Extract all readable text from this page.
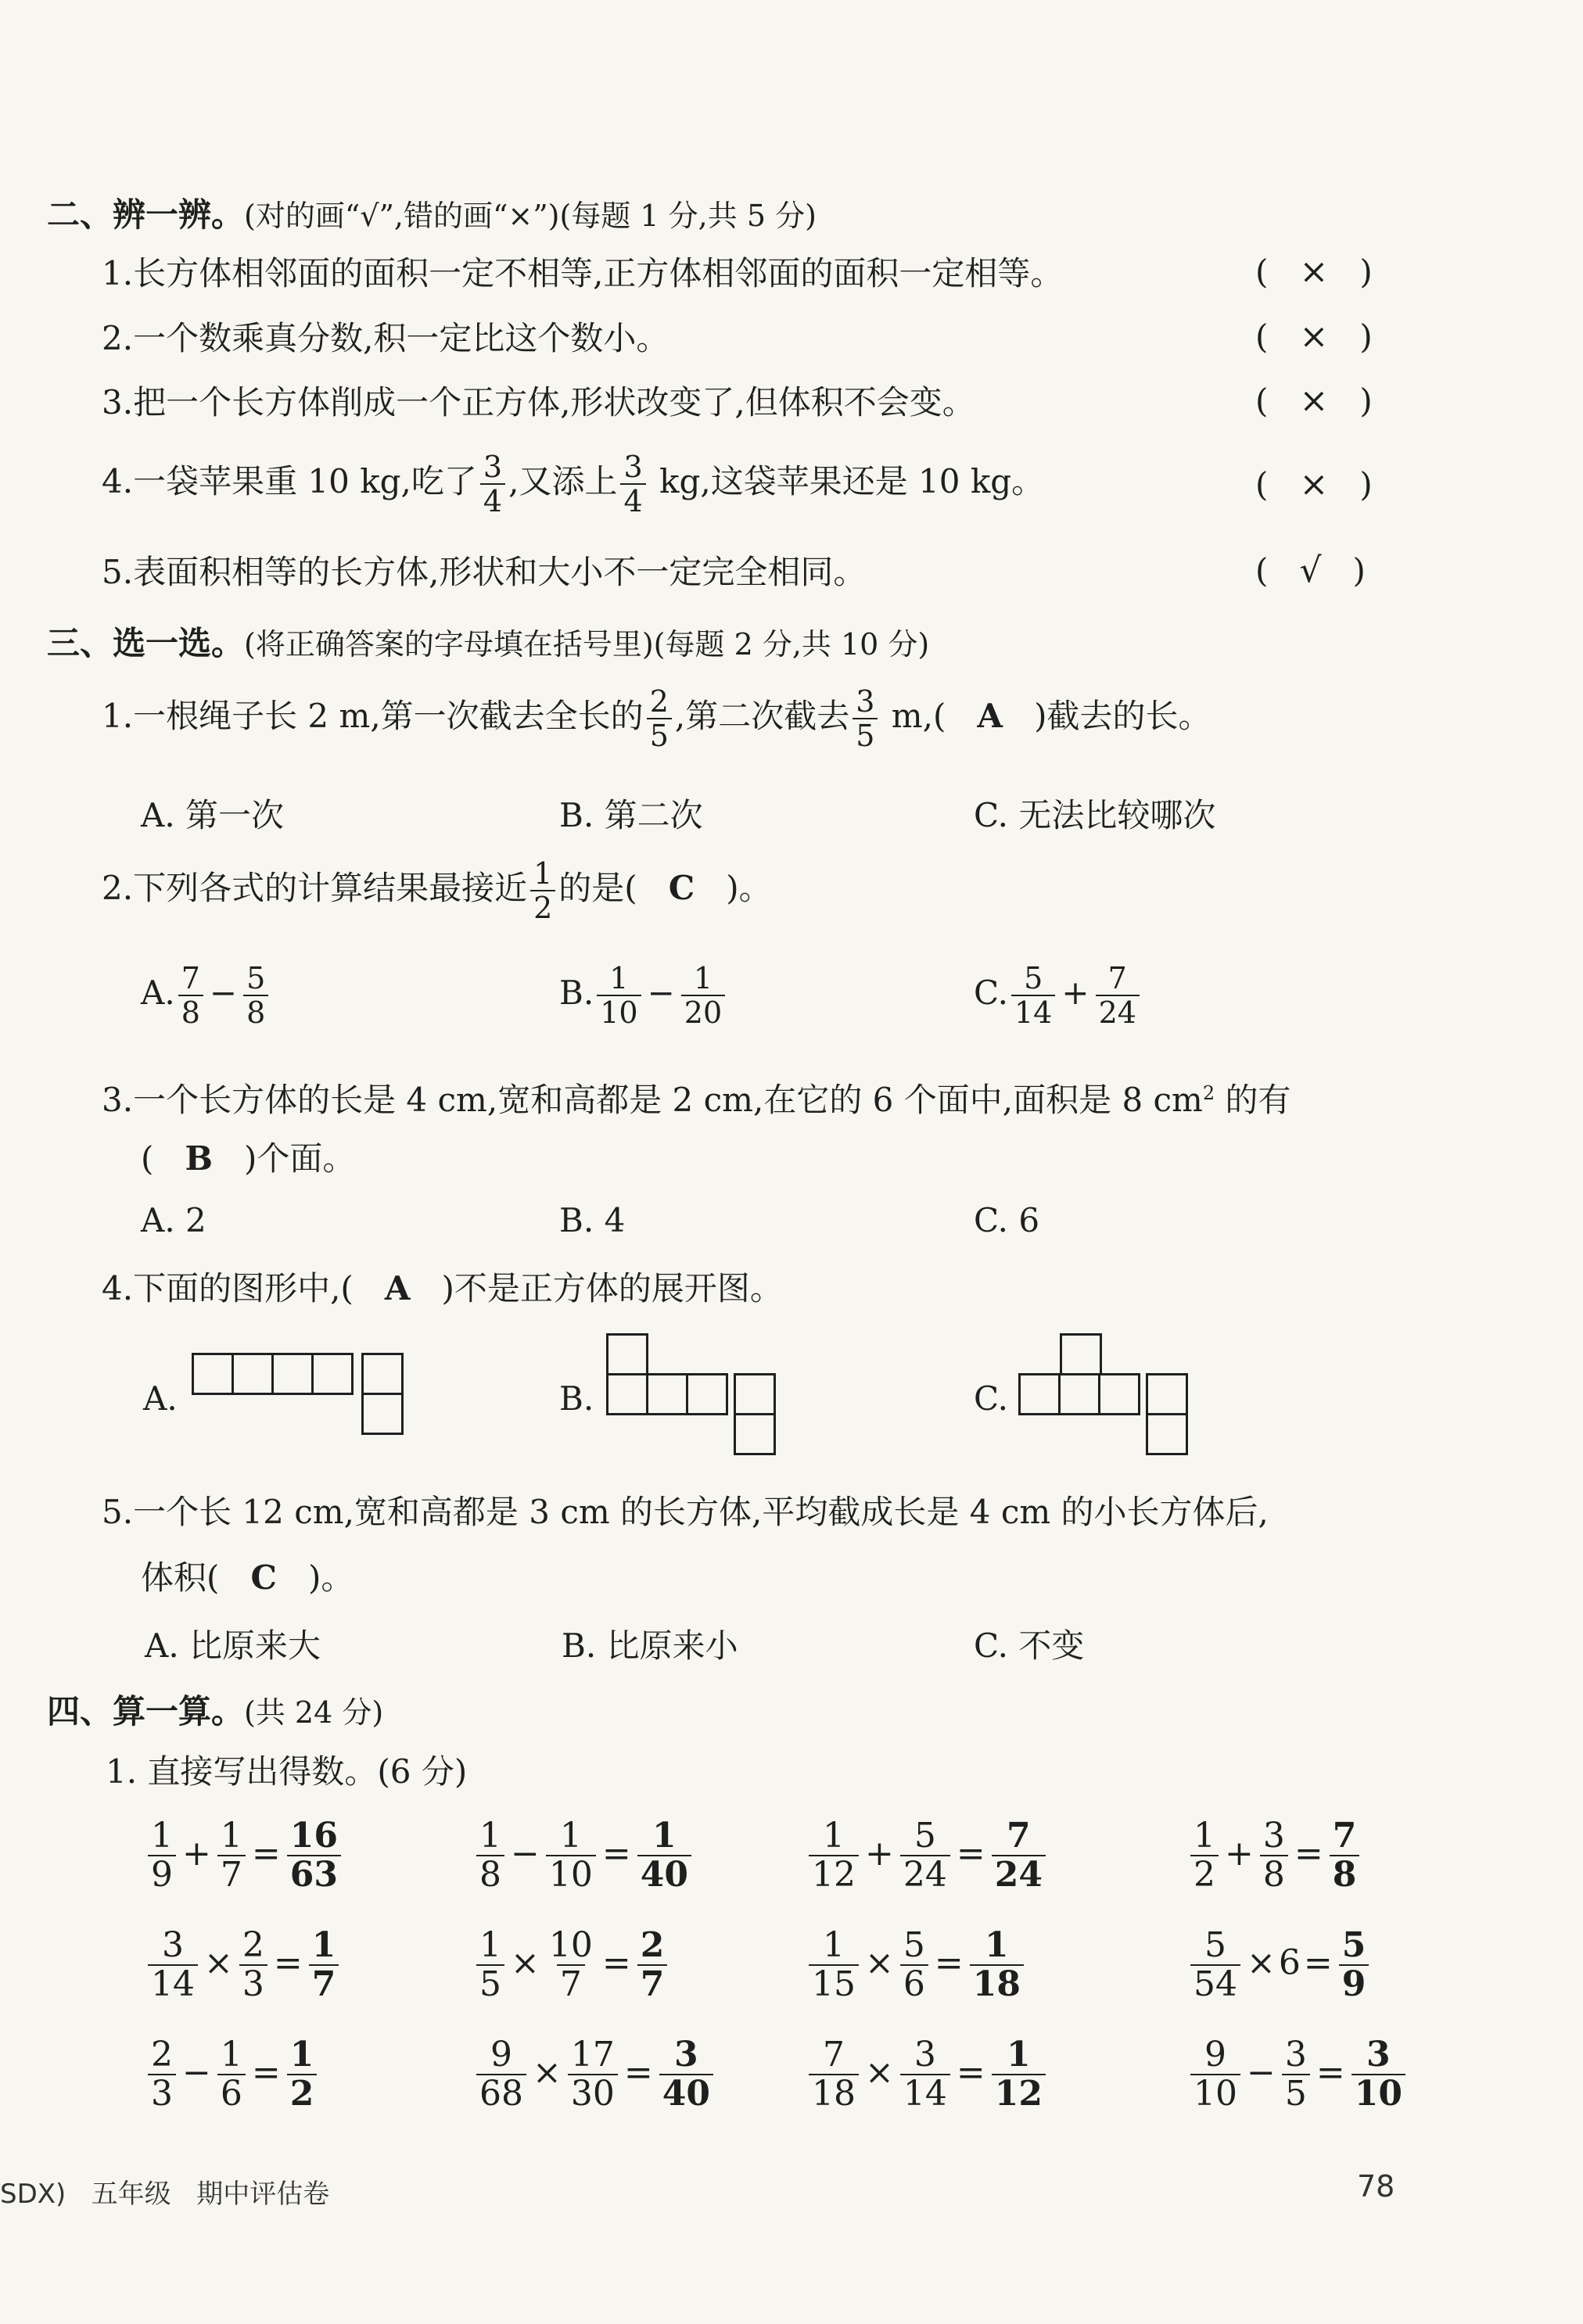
二、辨一辨。(对的画“√”,错的画“×”)(每题 1 分,共 5 分)
1.长方体相邻面的面积一定不相等,正方体相邻面的面积一定相等。	(   ×   )
2.一个数乘真分数,积一定比这个数小。	(   ×   )
3.把一个长方体削成一个正方体,形状改变了,但体积不会变。	(   ×   )
4.一袋苹果重 10 kg,吃了 $\frac{3}{4}$ ,又添上 $\frac{3}{4}$ kg,这袋苹果还是 10 kg。	(   ×   )
5.表面积相等的长方体,形状和大小不一定完全相同。	(   √   )
三、选一选。(将正确答案的字母填在括号里)(每题 2 分,共 10 分)
1.一根绳子长 2 m,第一次截去全长的 $\frac{2}{5}$ ,第二次截去 $\frac{3}{5} m$,( A )截去的长。
A. 第一次	B. 第二次	C. 无法比较哪次
2.下列各式的计算结果最接近 $\frac{1}{2}$ 的是( C )。
A. $\frac{7}{8} - \frac{5}{8}$	B. $\frac{1}{10} - \frac{1}{20}$	C. $\frac{5}{14} + \frac{7}{24}$
3.一个长方体的长是 4 cm,宽和高都是 2 cm,在它的 6 个面中,面积是 8 $cm^2$ 的有
( B )个面。
A. 2	B. 4	C. 6
4.下面的图形中,( A )不是正方体的展开图。
A.	B.	C.
5.一个长 12 cm,宽和高都是 3 cm 的长方体,平均截成长是 4 cm 的小长方体后,
体积( C )。
A. 比原来大	B. 比原来小	C. 不变
四、算一算。(共 24 分)
1. 直接写出得数。(6 分)
$\frac{1}{9} + \frac{1}{7} = \frac{16}{63}$	$\frac{1}{8} - \frac{1}{10} = \frac{1}{40}$	$\frac{1}{12} + \frac{5}{24} = \frac{7}{24}$	$\frac{1}{2} + \frac{3}{8} = \frac{7}{8}$
$\frac{3}{14} \times \frac{2}{3} = \frac{1}{7}$	$\frac{1}{5} \times \frac{10}{7} = \frac{2}{7}$	$\frac{1}{15} \times \frac{5}{6} = \frac{1}{18}$	$\frac{5}{54} \times 6= \frac{5}{9}$
$\frac{2}{3} - \frac{1}{6} = \frac{1}{2}$	$\frac{9}{68} \times \frac{17}{30} = \frac{3}{40}$	$\frac{7}{18} \times \frac{3}{14} = \frac{1}{12}$	$\frac{9}{10} - \frac{3}{5} = \frac{3}{10}$
SDX) 五年级 期中评估卷	78
